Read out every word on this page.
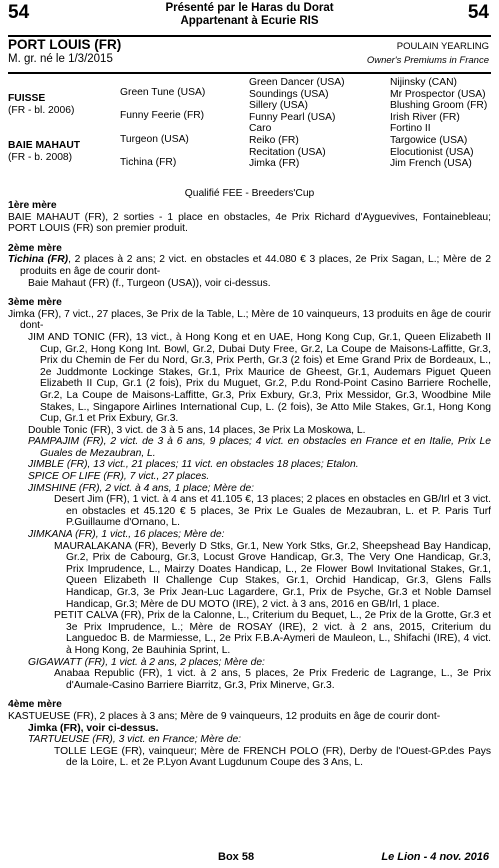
54	Présenté par le Haras du Dorat
Appartenant à Ecurie RIS	54
PORT LOUIS (FR)
M. gr. né le 1/3/2015
POULAIN YEARLING
Owner's Premiums in France
FUISSE
(FR - bl. 2006)
BAIE MAHAUT
(FR - b. 2008)
Green Tune (USA)
Funny Feerie (FR)
Turgeon (USA)
Tichina (FR)
Green Dancer (USA)
Soundings (USA)
Sillery (USA)
Funny Pearl (USA)
Caro
Reiko (FR)
Recitation (USA)
Jimka (FR)
Nijinsky (CAN)
Mr Prospector (USA)
Blushing Groom (FR)
Irish River (FR)
Fortino II
Targowice (USA)
Elocutionist (USA)
Jim French (USA)
Qualifié FEE - Breeders'Cup
1ère mère
BAIE MAHAUT (FR), 2 sorties - 1 place en obstacles, 4e Prix Richard d'Ayguevives, Fontainebleau; PORT LOUIS (FR) son premier produit.
2ème mère
Tichina (FR), 2 places à 2 ans; 2 vict. en obstacles et 44.080 € 3 places, 2e Prix Sagan, L.; Mère de 2 produits en âge de courir dont-
Baie Mahaut (FR) (f., Turgeon (USA)), voir ci-dessus.
3ème mère
Jimka (FR), 7 vict., 27 places, 3e Prix de la Table, L.; Mère de 10 vainqueurs, 13 produits en âge de courir dont-
JIM AND TONIC (FR), 13 vict., à Hong Kong et en UAE, Hong Kong Cup, Gr.1, Queen Elizabeth II Cup, Gr.2, Hong Kong Int. Bowl, Gr.2, Dubai Duty Free, Gr.2, La Coupe de Maisons-Laffitte, Gr.3, Prix du Chemin de Fer du Nord, Gr.3, Prix Perth, Gr.3 (2 fois) et Eme Grand Prix de Bordeaux, L., 2e Juddmonte Lockinge Stakes, Gr.1, Prix Maurice de Gheest, Gr.1, Audemars Piguet Queen Elizabeth II Cup, Gr.1 (2 fois), Prix du Muguet, Gr.2, P.du Rond-Point Casino Barriere Rochelle, Gr.2, La Coupe de Maisons-Laffitte, Gr.3, Prix Exbury, Gr.3, Prix Messidor, Gr.3, Woodbine Mile Stakes, L., Singapore Airlines International Cup, L. (2 fois), 3e Atto Mile Stakes, Gr.1, Hong Kong Cup, Gr.1 et Prix Exbury, Gr.3.
Double Tonic (FR), 3 vict. de 3 à 5 ans, 14 places, 3e Prix La Moskowa, L.
PAMPAJIM (FR), 2 vict. de 3 à 6 ans, 9 places; 4 vict. en obstacles en France et en Italie, Prix Le Guales de Mezaubran, L.
JIMBLE (FR), 13 vict., 21 places; 11 vict. en obstacles 18 places; Etalon.
SPICE OF LIFE (FR), 7 vict., 27 places.
JIMSHINE (FR), 2 vict. à 4 ans, 1 place; Mère de:
Desert Jim (FR), 1 vict. à 4 ans et 41.105 €, 13 places; 2 places en obstacles en GB/Irl et 3 vict. en obstacles et 45.120 € 5 places, 3e Prix Le Guales de Mezaubran, L. et P. Paris Turf P.Guillaume d'Ornano, L.
JIMKANA (FR), 1 vict., 16 places; Mère de:
MAURALAKANA (FR), Beverly D Stks, Gr.1, New York Stks, Gr.2, Sheepshead Bay Handicap, Gr.2, Prix de Cabourg, Gr.3, Locust Grove Handicap, Gr.3, The Very One Handicap, Gr.3, Prix Imprudence, L., Mairzy Doates Handicap, L., 2e Flower Bowl Invitational Stakes, Gr.1, Queen Elizabeth II Challenge Cup Stakes, Gr.1, Orchid Handicap, Gr.3, Glens Falls Handicap, Gr.3, 3e Prix Jean-Luc Lagardere, Gr.1, Prix de Psyche, Gr.3 et Noble Damsel Handicap, Gr.3; Mère de DU MOTO (IRE), 2 vict. à 3 ans, 2016 en GB/Irl, 1 place.
PETIT CALVA (FR), Prix de la Calonne, L., Criterium du Bequet, L., 2e Prix de la Grotte, Gr.3 et 3e Prix Imprudence, L.; Mère de ROSAY (IRE), 2 vict. à 2 ans, 2015, Criterium du Languedoc B. de Marmiesse, L., 2e Prix F.B.A-Aymeri de Mauleon, L., Shifachi (IRE), 4 vict. à Hong Kong, 2e Bauhinia Sprint, L.
GIGAWATT (FR), 1 vict. à 2 ans, 2 places; Mère de:
Anabaa Republic (FR), 1 vict. à 2 ans, 5 places, 2e Prix Frederic de Lagrange, L., 3e Prix d'Aumale-Casino Barriere Biarritz, Gr.3, Prix Minerve, Gr.3.
4ème mère
KASTUEUSE (FR), 2 places à 3 ans; Mère de 9 vainqueurs, 12 produits en âge de courir dont-
Jimka (FR), voir ci-dessus.
TARTUEUSE (FR), 3 vict. en France; Mère de:
TOLLE LEGE (FR), vainqueur; Mère de FRENCH POLO (FR), Derby de l'Ouest-GP.des Pays de la Loire, L. et 2e P.Lyon Avant Lugdunum Coupe des 3 Ans, L.
Box 58	Le Lion - 4 nov. 2016
